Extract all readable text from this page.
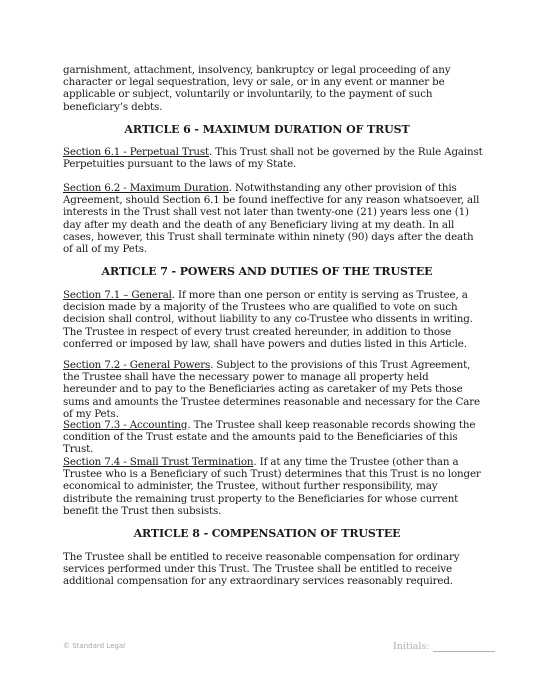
garnishment, attachment, insolvency, bankruptcy or legal proceeding of any character or legal sequestration, levy or sale, or in any event or manner be applicable or subject, voluntarily or involuntarily, to the payment of such beneficiary’s debts.

ARTICLE 6 - MAXIMUM DURATION OF TRUST

Section 6.1 - Perpetual Trust. This Trust shall not be governed by the Rule Against Perpetuities pursuant to the laws of my State.

Section 6.2 - Maximum Duration. Notwithstanding any other provision of this Agreement, should Section 6.1 be found ineffective for any reason whatsoever, all interests in the Trust shall vest not later than twenty-one (21) years less one (1) day after my death and the death of any Beneficiary living at my death. In all cases, however, this Trust shall terminate within ninety (90) days after the death of all of my Pets.

ARTICLE 7 - POWERS AND DUTIES OF THE TRUSTEE

Section 7.1 – General. If more than one person or entity is serving as Trustee, a decision made by a majority of the Trustees who are qualified to vote on such decision shall control, without liability to any co-Trustee who dissents in writing. The Trustee in respect of every trust created hereunder, in addition to those conferred or imposed by law, shall have powers and duties listed in this Article.

Section 7.2 - General Powers. Subject to the provisions of this Trust Agreement, the Trustee shall have the necessary power to manage all property held hereunder and to pay to the Beneficiaries acting as caretaker of my Pets those sums and amounts the Trustee determines reasonable and necessary for the Care of my Pets.

Section 7.3 - Accounting. The Trustee shall keep reasonable records showing the condition of the Trust estate and the amounts paid to the Beneficiaries of this Trust.

Section 7.4 - Small Trust Termination. If at any time the Trustee (other than a Trustee who is a Beneficiary of such Trust) determines that this Trust is no longer economical to administer, the Trustee, without further responsibility, may distribute the remaining trust property to the Beneficiaries for whose current benefit the Trust then subsists.

ARTICLE 8 - COMPENSATION OF TRUSTEE

The Trustee shall be entitled to receive reasonable compensation for ordinary services performed under this Trust. The Trustee shall be entitled to receive additional compensation for any extraordinary services reasonably required.

© Standard Legal	Initials:
